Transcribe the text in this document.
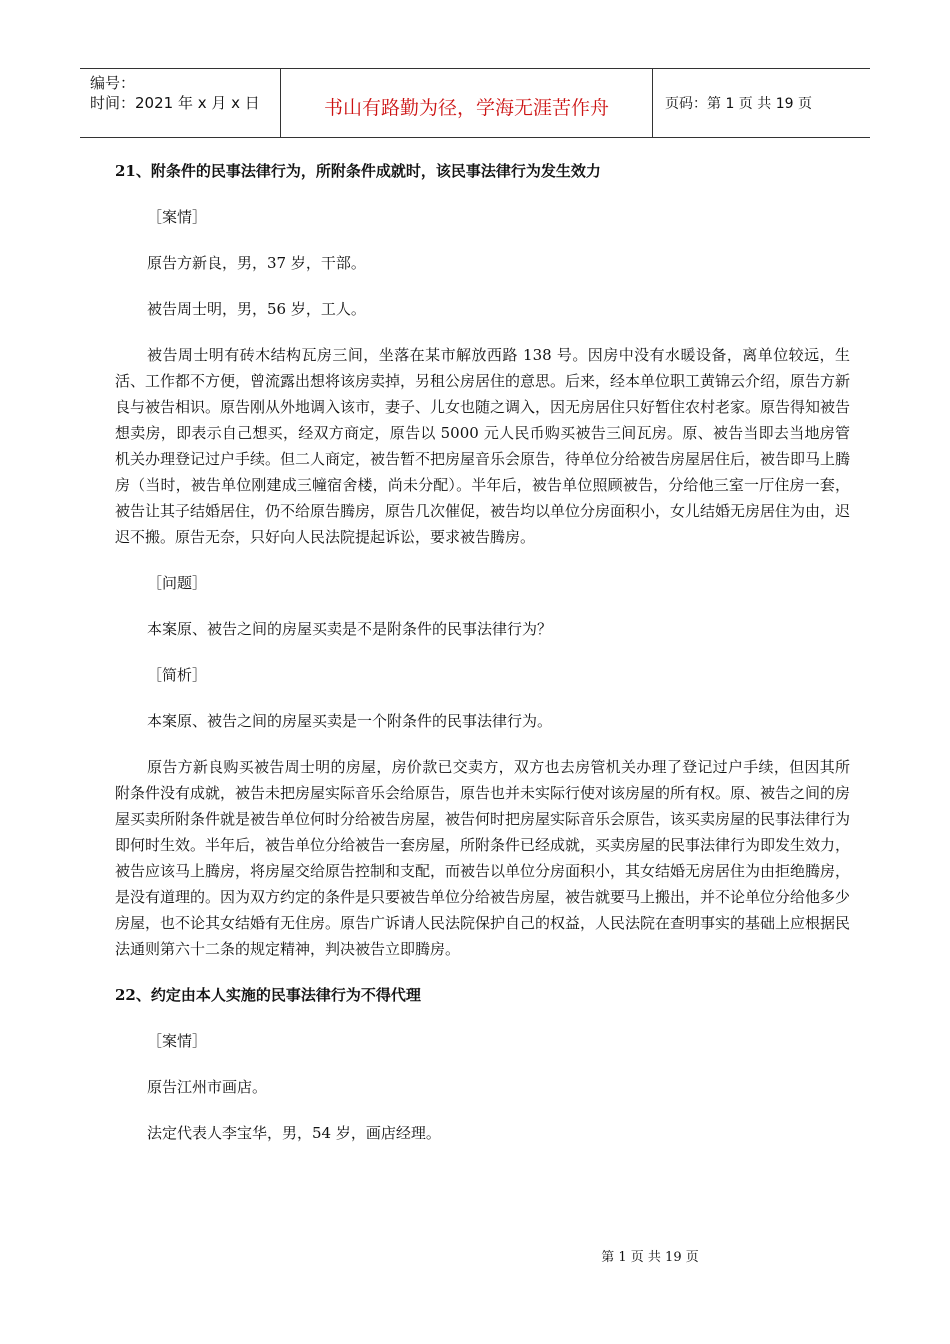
编号：
时间：2021 年 x 月 x 日	书山有路勤为径，学海无涯苦作舟	页码：第 1 页 共 19 页

21、附条件的民事法律行为，所附条件成就时，该民事法律行为发生效力

［案情］

原告方新良，男，37 岁，干部。

被告周士明，男，56 岁，工人。

被告周士明有砖木结构瓦房三间，坐落在某市解放西路 138 号。因房中没有水暖设备，离单位较远，生活、工作都不方便，曾流露出想将该房卖掉，另租公房居住的意思。后来，经本单位职工黄锦云介绍，原告方新良与被告相识。原告刚从外地调入该市，妻子、儿女也随之调入，因无房居住只好暂住农村老家。原告得知被告想卖房，即表示自己想买，经双方商定，原告以 5000 元人民币购买被告三间瓦房。原、被告当即去当地房管机关办理登记过户手续。但二人商定，被告暂不把房屋音乐会原告，待单位分给被告房屋居住后，被告即马上腾房（当时，被告单位刚建成三幢宿舍楼，尚未分配）。半年后，被告单位照顾被告，分给他三室一厅住房一套，被告让其子结婚居住，仍不给原告腾房，原告几次催促，被告均以单位分房面积小，女儿结婚无房居住为由，迟迟不搬。原告无奈，只好向人民法院提起诉讼，要求被告腾房。

［问题］

本案原、被告之间的房屋买卖是不是附条件的民事法律行为？

［简析］

本案原、被告之间的房屋买卖是一个附条件的民事法律行为。

原告方新良购买被告周士明的房屋，房价款已交卖方，双方也去房管机关办理了登记过户手续，但因其所附条件没有成就，被告未把房屋实际音乐会给原告，原告也并未实际行使对该房屋的所有权。原、被告之间的房屋买卖所附条件就是被告单位何时分给被告房屋，被告何时把房屋实际音乐会原告，该买卖房屋的民事法律行为即何时生效。半年后，被告单位分给被告一套房屋，所附条件已经成就，买卖房屋的民事法律行为即发生效力，被告应该马上腾房，将房屋交给原告控制和支配，而被告以单位分房面积小，其女结婚无房居住为由拒绝腾房，是没有道理的。因为双方约定的条件是只要被告单位分给被告房屋，被告就要马上搬出，并不论单位分给他多少房屋，也不论其女结婚有无住房。原告广诉请人民法院保护自己的权益，人民法院在查明事实的基础上应根据民法通则第六十二条的规定精神，判决被告立即腾房。

22、约定由本人实施的民事法律行为不得代理

［案情］

原告江州市画店。

法定代表人李宝华，男，54 岁，画店经理。

第 1 页 共 19 页
